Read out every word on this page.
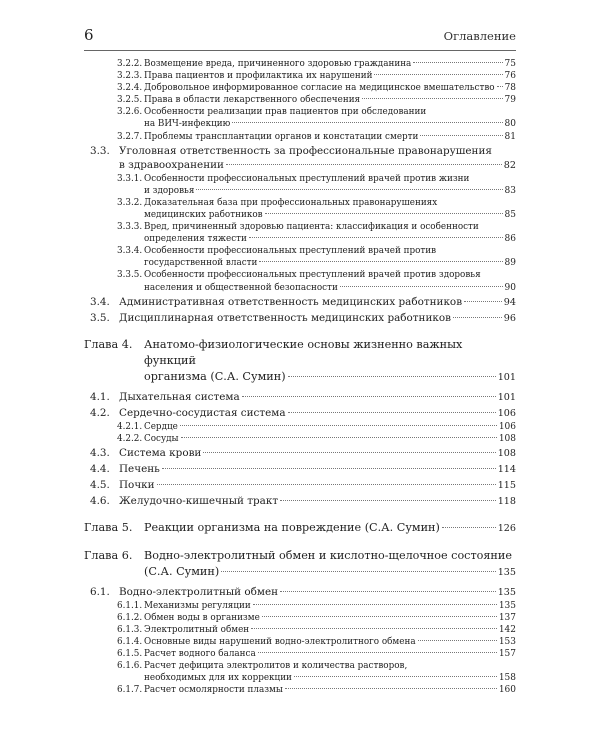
6	Оглавление
3.2.2. Возмещение вреда, причиненного здоровью гражданина	75
3.2.3. Права пациентов и профилактика их нарушений	76
3.2.4. Добровольное информированное согласие на медицинское вмешательство 78
3.2.5. Права в области лекарственного обеспечения	79
3.2.6. Особенности реализации прав пациентов при обследовании
на ВИЧ-инфекцию	80
3.2.7. Проблемы трансплантации органов и констатации смерти	81
3.3. Уголовная ответственность за профессиональные правонарушения
в здравоохранении	82
3.3.1. Особенности профессиональных преступлений врачей против жизни
и здоровья	83
3.3.2. Доказательная база при профессиональных правонарушениях
медицинских работников	85
3.3.3. Вред, причиненный здоровью пациента: классификация и особенности
определения тяжести	86
3.3.4. Особенности профессиональных преступлений врачей против
государственной власти	89
3.3.5. Особенности профессиональных преступлений врачей против здоровья
населения и общественной безопасности	90
3.4. Административная ответственность медицинских работников	94
3.5. Дисциплинарная ответственность медицинских работников	96
Глава 4. Анатомо-физиологические основы жизненно важных функций
организма (С.А. Сумин)	101
4.1. Дыхательная система	101
4.2. Сердечно-сосудистая система	106
4.2.1. Сердце	106
4.2.2. Сосуды	108
4.3. Система крови	108
4.4. Печень	114
4.5. Почки	115
4.6. Желудочно-кишечный тракт	118
Глава 5. Реакции организма на повреждение (С.А. Сумин)	126
Глава 6. Водно-электролитный обмен и кислотно-щелочное состояние
(С.А. Сумин)	135
6.1. Водно-электролитный обмен	135
6.1.1. Механизмы регуляции	135
6.1.2. Обмен воды в организме	137
6.1.3. Электролитный обмен	142
6.1.4. Основные виды нарушений водно-электролитного обмена	153
6.1.5. Расчет водного баланса	157
6.1.6. Расчет дефицита электролитов и количества растворов,
необходимых для их коррекции	158
6.1.7. Расчет осмолярности плазмы	160
